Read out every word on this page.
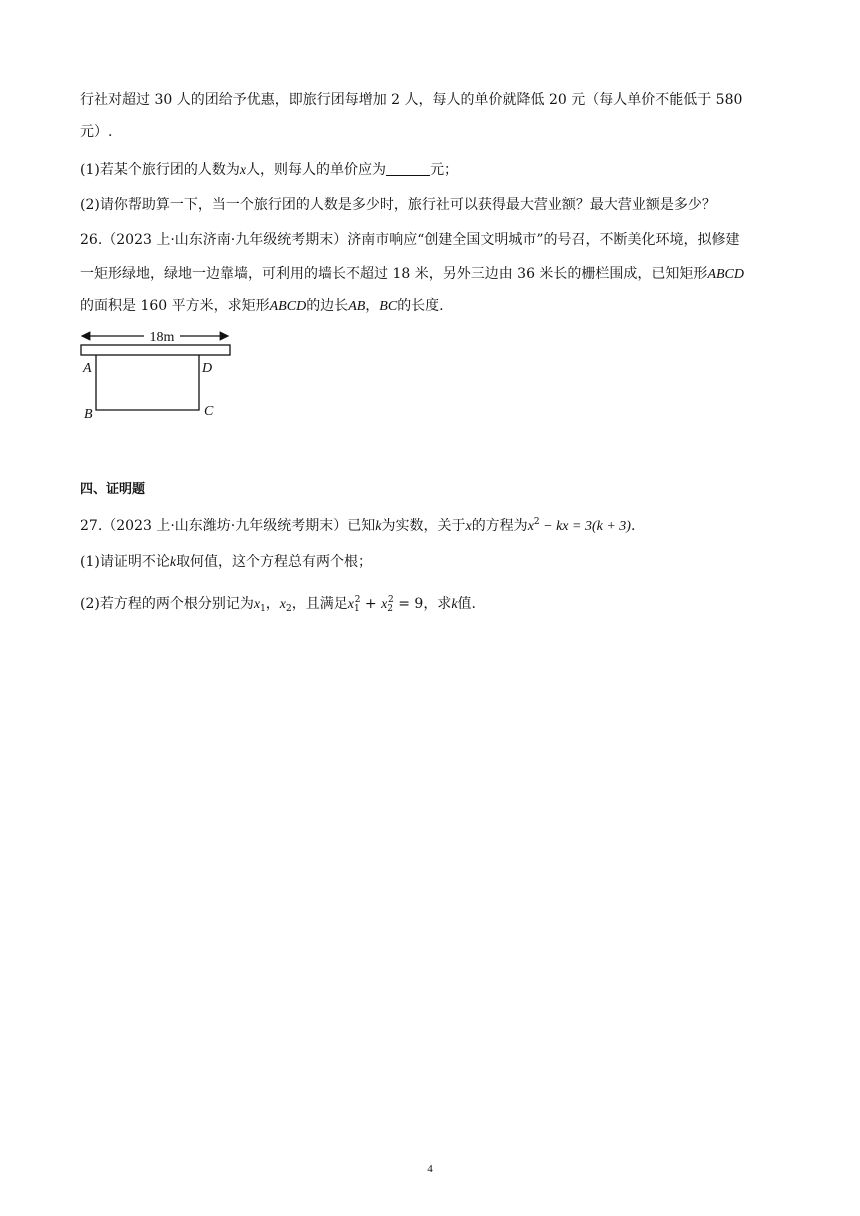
行社对超过 30 人的团给予优惠，即旅行团每增加 2 人，每人的单价就降低 20 元（每人单价不能低于 580
元）.
(1)若某个旅行团的人数为x人，则每人的单价应为	元；
(2)请你帮助算一下，当一个旅行团的人数是多少时，旅行社可以获得最大营业额？最大营业额是多少？
26.（2023 上·山东济南·九年级统考期末）济南市响应“创建全国文明城市”的号召，不断美化环境，拟修建
一矩形绿地，绿地一边靠墙，可利用的墙长不超过 18 米，另外三边由 36 米长的栅栏围成，已知矩形ABCD
的面积是 160 平方米，求矩形ABCD的边长AB，BC的长度.
18m
A	D
B	C
四、证明题
27.（2023 上·山东潍坊·九年级统考期末）已知k为实数，关于x的方程为$x^2$ − kx = 3(k + 3).
(1)请证明不论k取何值，这个方程总有两个根；
(2)若方程的两个根分别记为$x_1$，$x_2$，且满足$x_1^2 + x_2^2 = 9$，求k值.
4
